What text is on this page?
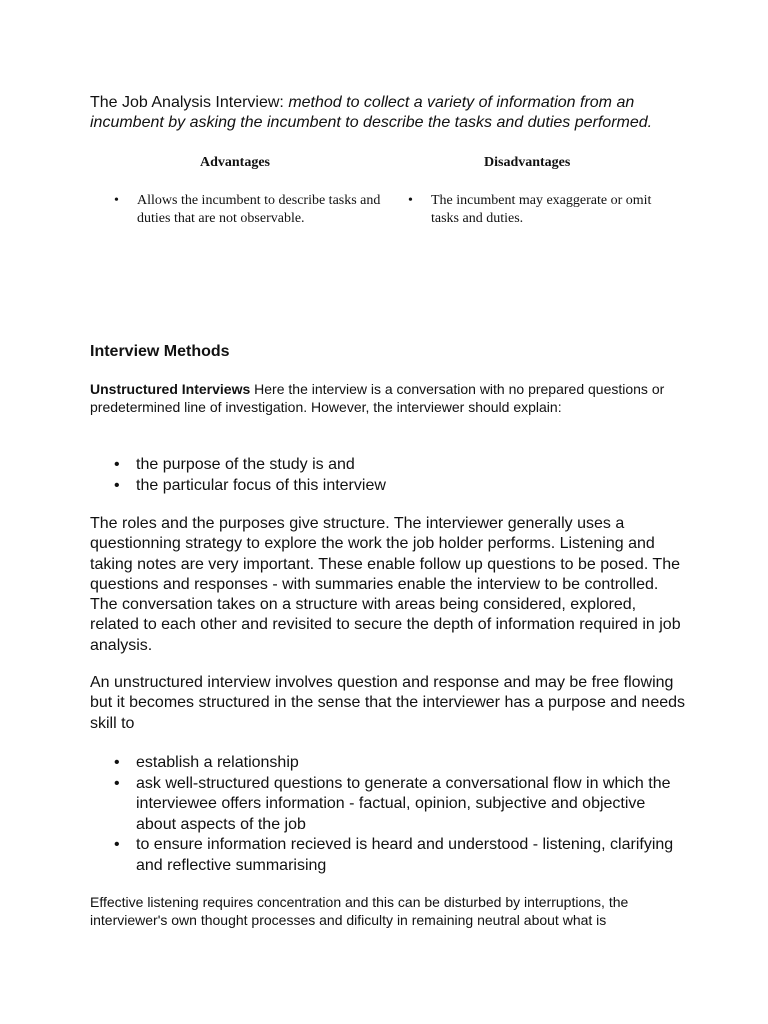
The Job Analysis Interview: method to collect a variety of information from an incumbent by asking the incumbent to describe the tasks and duties performed.

Advantages	Disadvantages

• Allows the incumbent to describe tasks and duties that are not observable.
• The incumbent may exaggerate or omit tasks and duties.
Interview Methods

Unstructured Interviews Here the interview is a conversation with no prepared questions or predetermined line of investigation. However, the interviewer should explain:

• the purpose of the study is and
• the particular focus of this interview

The roles and the purposes give structure. The interviewer generally uses a questionning strategy to explore the work the job holder performs. Listening and taking notes are very important. These enable follow up questions to be posed. The questions and responses - with summaries enable the interview to be controlled. The conversation takes on a structure with areas being considered, explored, related to each other and revisited to secure the depth of information required in job analysis.

An unstructured interview involves question and response and may be free flowing but it becomes structured in the sense that the interviewer has a purpose and needs skill to

• establish a relationship
• ask well-structured questions to generate a conversational flow in which the interviewee offers information - factual, opinion, subjective and objective about aspects of the job
• to ensure information recieved is heard and understood - listening, clarifying and reflective summarising

Effective listening requires concentration and this can be disturbed by interruptions, the interviewer's own thought processes and dificulty in remaining neutral about what is
